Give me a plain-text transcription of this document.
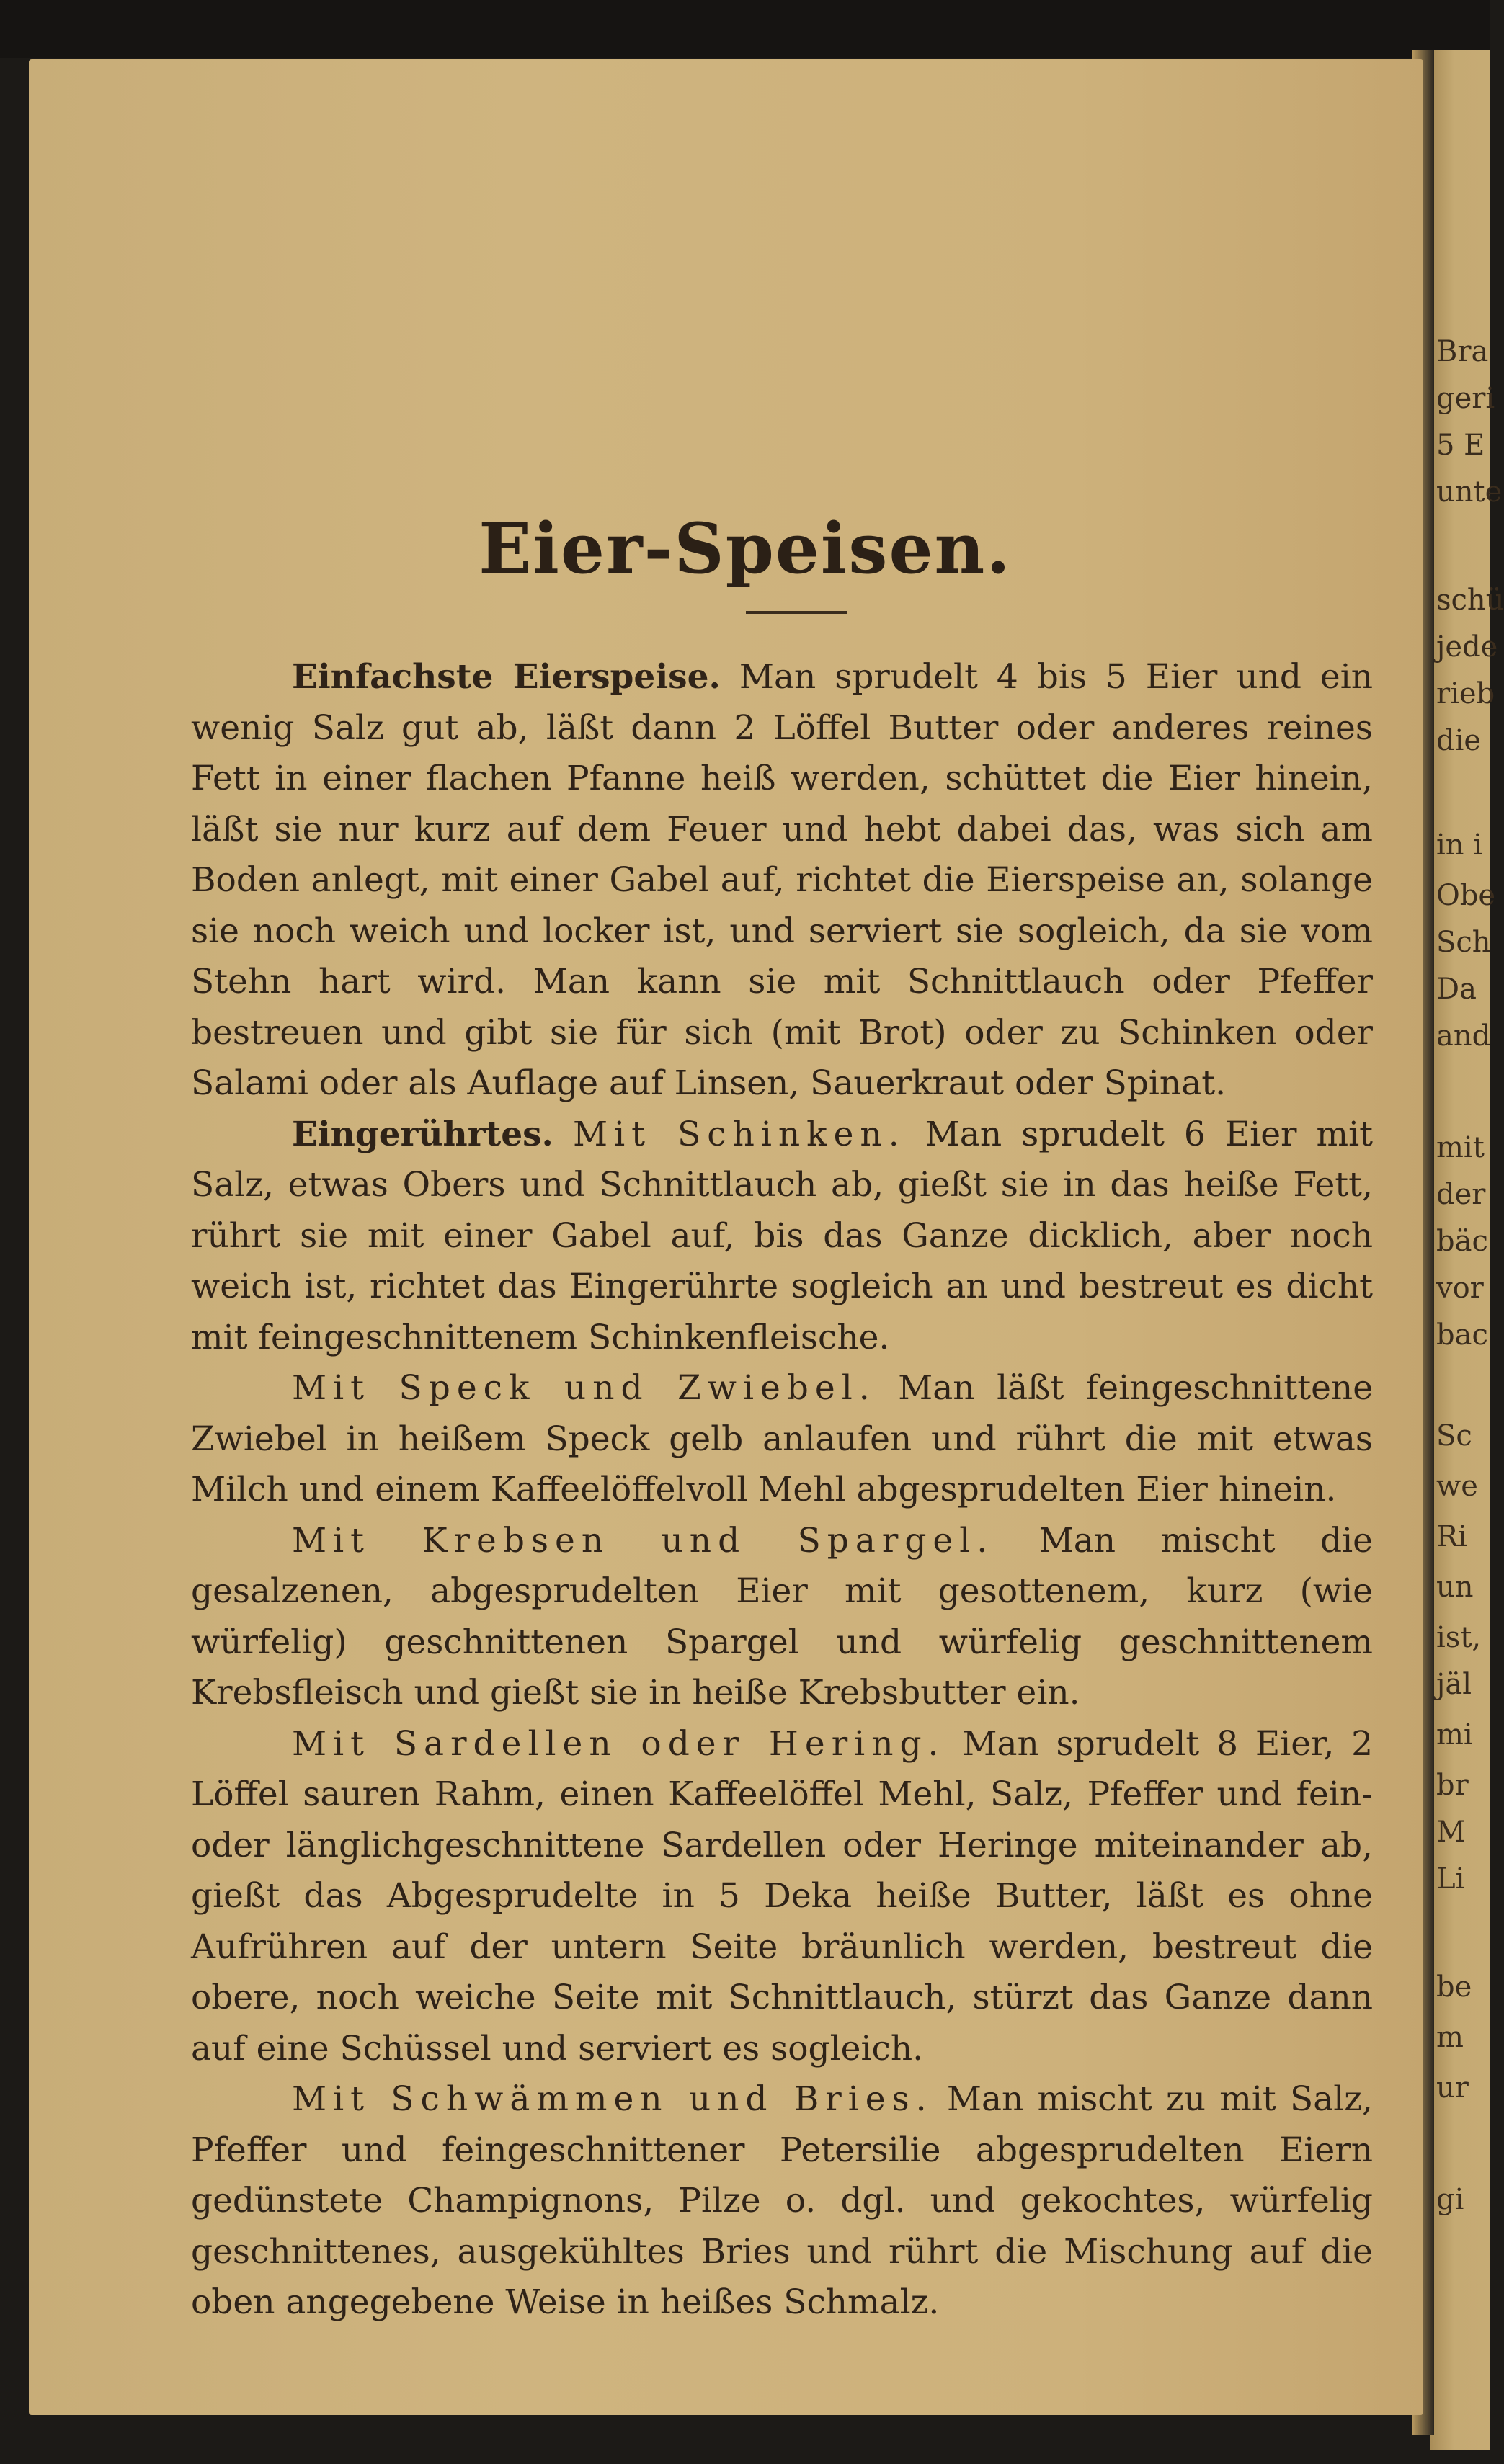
Bra
geri
5 E
unte
schü
jede
rieb
die
in i
Obe
Sch
Da
and
mit
der
bäc
vor
bac
Sc
we
Ri
un
ist,
jäl
mi
br
M
Li
be
m
ur
gi
Eier-Speisen.

Einfachste Eierspeise. Man sprudelt 4 bis 5 Eier und ein wenig Salz gut ab, läßt dann 2 Löffel Butter oder anderes reines Fett in einer flachen Pfanne heiß werden, schüttet die Eier hinein, läßt sie nur kurz auf dem Feuer und hebt dabei das, was sich am Boden anlegt, mit einer Gabel auf, richtet die Eierspeise an, solange sie noch weich und locker ist, und serviert sie sogleich, da sie vom Stehn hart wird. Man kann sie mit Schnittlauch oder Pfeffer bestreuen und gibt sie für sich (mit Brot) oder zu Schinken oder Salami oder als Auflage auf Linsen, Sauerkraut oder Spinat.

Eingerührtes. Mit Schinken. Man sprudelt 6 Eier mit Salz, etwas Obers und Schnittlauch ab, gießt sie in das heiße Fett, rührt sie mit einer Gabel auf, bis das Ganze dicklich, aber noch weich ist, richtet das Eingerührte sogleich an und bestreut es dicht mit feingeschnittenem Schinkenfleische.

Mit Speck und Zwiebel. Man läßt feingeschnittene Zwiebel in heißem Speck gelb anlaufen und rührt die mit etwas Milch und einem Kaffeelöffelvoll Mehl abgesprudelten Eier hinein.

Mit Krebsen und Spargel. Man mischt die gesalzenen, abgesprudelten Eier mit gesottenem, kurz (wie würfelig) geschnittenen Spargel und würfelig geschnittenem Krebsfleisch und gießt sie in heiße Krebsbutter ein.

Mit Sardellen oder Hering. Man sprudelt 8 Eier, 2 Löffel sauren Rahm, einen Kaffeelöffel Mehl, Salz, Pfeffer und fein- oder länglichgeschnittene Sardellen oder Heringe miteinander ab, gießt das Abgesprudelte in 5 Deka heiße Butter, läßt es ohne Aufrühren auf der untern Seite bräunlich werden, bestreut die obere, noch weiche Seite mit Schnittlauch, stürzt das Ganze dann auf eine Schüssel und serviert es sogleich.

Mit Schwämmen und Bries. Man mischt zu mit Salz, Pfeffer und feingeschnittener Petersilie abgesprudelten Eiern gedünstete Champignons, Pilze o. dgl. und gekochtes, würfelig geschnittenes, ausgekühltes Bries und rührt die Mischung auf die oben angegebene Weise in heißes Schmalz.
